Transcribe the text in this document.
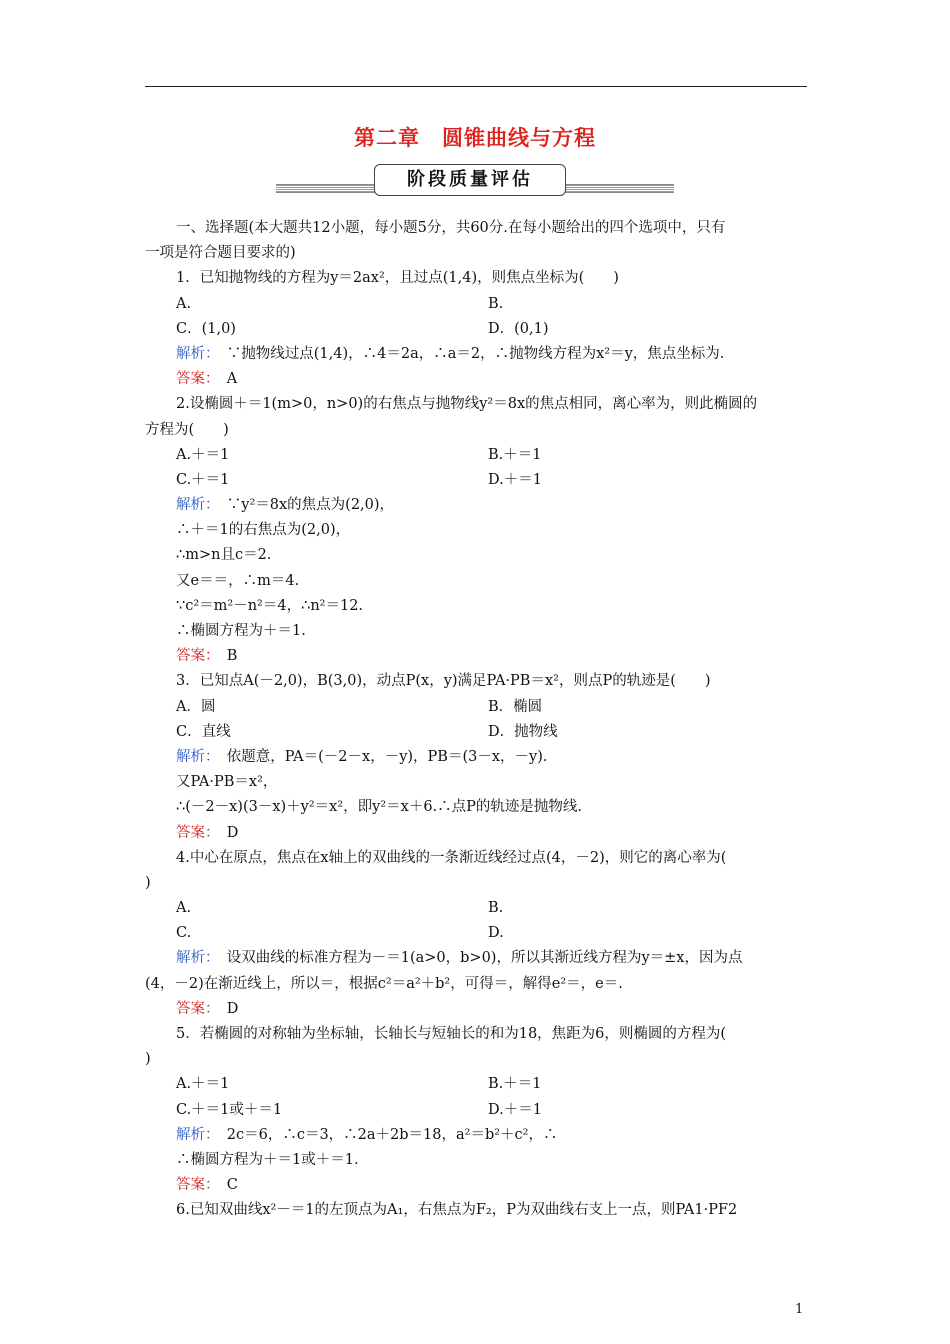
第二章　圆锥曲线与方程
阶段质量评估
一、选择题(本大题共12小题，每小题5分，共60分.在每小题给出的四个选项中，只有
一项是符合题目要求的)
1．已知抛物线的方程为y＝2ax²，且过点(1,4)，则焦点坐标为(　　)
A.	B.
C．(1,0)	D．(0,1)
解析：　∵抛物线过点(1,4)，∴4＝2a，∴a＝2，∴抛物线方程为x²＝y，焦点坐标为.
答案：　A
2.设椭圆＋＝1(m>0，n>0)的右焦点与抛物线y²＝8x的焦点相同，离心率为，则此椭圆的
方程为(　　)
A.＋＝1	B.＋＝1
C.＋＝1	D.＋＝1
解析：　∵y²＝8x的焦点为(2,0)，
∴＋＝1的右焦点为(2,0)，
∴m>n且c＝2.
又e＝＝，∴m＝4.
∵c²＝m²－n²＝4，∴n²＝12.
∴椭圆方程为＋＝1.
答案：　B
3．已知点A(－2,0)，B(3,0)，动点P(x，y)满足PA·PB＝x²，则点P的轨迹是(　　)
A．圆	B．椭圆
C．直线	D．抛物线
解析：　依题意，PA＝(－2－x，－y)，PB＝(3－x，－y).
又PA·PB＝x²，
∴(－2－x)(3－x)＋y²＝x²，即y²＝x＋6.∴点P的轨迹是抛物线.
答案：　D
4.中心在原点，焦点在x轴上的双曲线的一条渐近线经过点(4，－2)，则它的离心率为(
)
A.	B.
C.	D.
解析：　设双曲线的标准方程为－＝1(a>0，b>0)，所以其渐近线方程为y＝±x，因为点
(4，－2)在渐近线上，所以＝，根据c²＝a²＋b²，可得＝，解得e²＝，e＝.
答案：　D
5．若椭圆的对称轴为坐标轴，长轴长与短轴长的和为18，焦距为6，则椭圆的方程为(
)
A.＋＝1	B.＋＝1
C.＋＝1或＋＝1	D.＋＝1
解析：　2c＝6，∴c＝3，∴2a＋2b＝18，a²＝b²＋c²，∴
∴椭圆方程为＋＝1或＋＝1.
答案：　C
6.已知双曲线x²－＝1的左顶点为A₁，右焦点为F₂，P为双曲线右支上一点，则PA1·PF2
1
